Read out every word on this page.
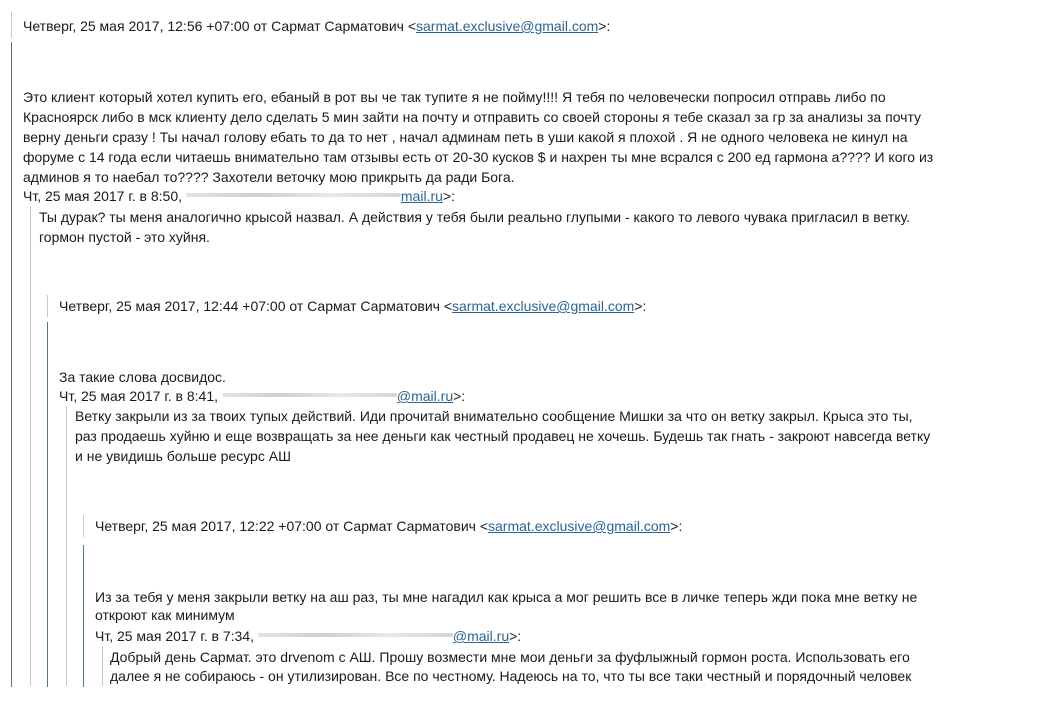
Четверг, 25 мая 2017, 12:56 +07:00 от Сармат Сарматович <sarmat.exclusive@gmail.com>:
Это клиент который хотел купить его, ебаный в рот вы че так тупите я не пойму!!!! Я тебя по человечески попросил отправь либо по
Красноярск либо в мск клиенту дело сделать 5 мин зайти на почту и отправить со своей стороны я тебе сказал за гр за анализы за почту
верну деньги сразу ! Ты начал голову ебать то да то нет , начал админам петь в уши какой я плохой . Я не одного человека не кинул на
форуме с 14 года если читаешь внимательно там отзывы есть от 20-30 кусков $ и нахрен ты мне всрался с 200 ед гармона а???? И кого из
админов я то наебал то???? Захотели веточку мою прикрыть да ради Бога.
Чт, 25 мая 2017 г. в 8:50,	mail.ru>:
Ты дурак? ты меня аналогично крысой назвал. А действия у тебя были реально глупыми - какого то левого чувака пригласил в ветку.
гормон пустой - это хуйня.
Четверг, 25 мая 2017, 12:44 +07:00 от Сармат Сарматович <sarmat.exclusive@gmail.com>:
За такие слова досвидос.
Чт, 25 мая 2017 г. в 8:41,	@mail.ru>:
Ветку закрыли из за твоих тупых действий. Иди прочитай внимательно сообщение Мишки за что он ветку закрыл. Крыса это ты,
раз продаешь хуйню и еще возвращать за нее деньги как честный продавец не хочешь. Будешь так гнать - закроют навсегда ветку
и не увидишь больше ресурс АШ
Четверг, 25 мая 2017, 12:22 +07:00 от Сармат Сарматович <sarmat.exclusive@gmail.com>:
Из за тебя у меня закрыли ветку на аш раз, ты мне нагадил как крыса а мог решить все в личке теперь жди пока мне ветку не
откроют как минимум
Чт, 25 мая 2017 г. в 7:34,	@mail.ru>:
Добрый день Сармат. это drvenom с АШ. Прошу возмести мне мои деньги за фуфлыжный гормон роста. Использовать его
далее я не собираюсь - он утилизирован. Все по честному. Надеюсь на то, что ты все таки честный и порядочный человек
